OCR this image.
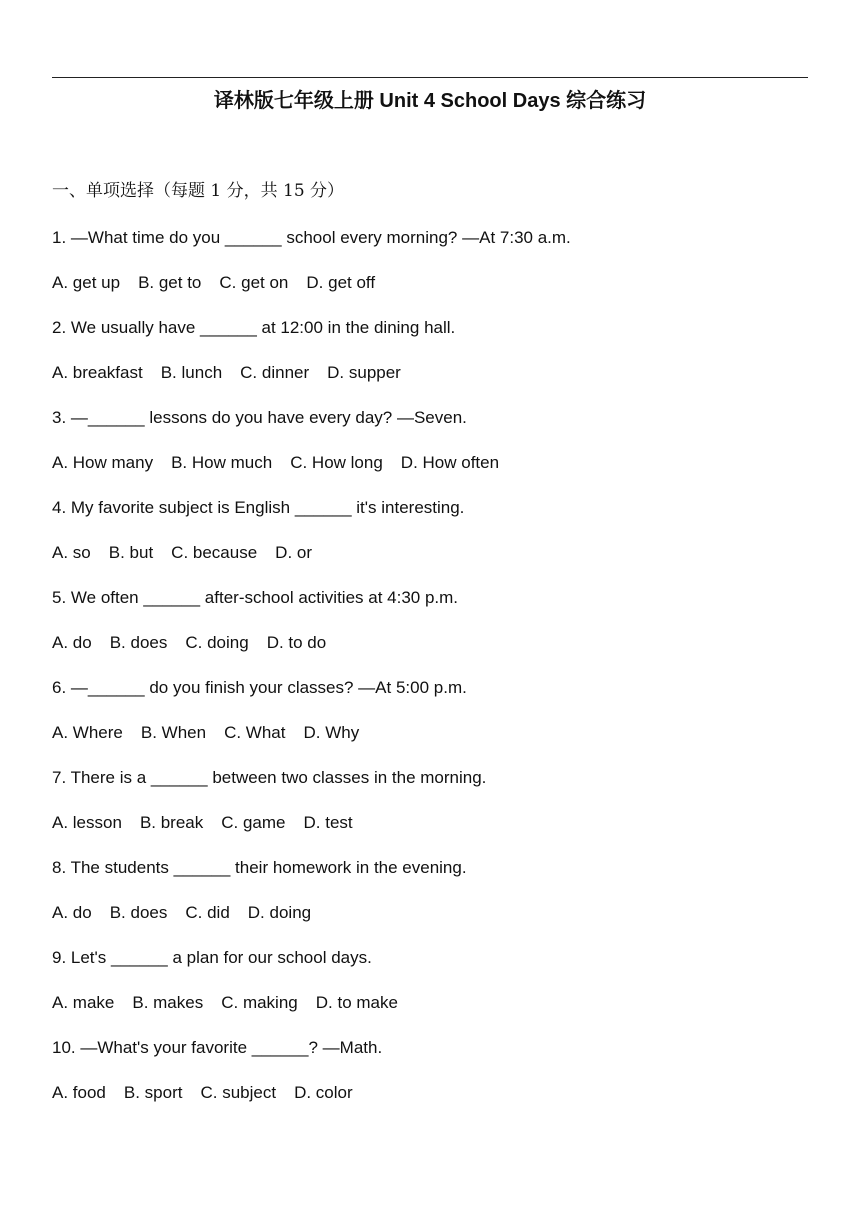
译林版七年级上册 Unit 4 School Days 综合练习
一、单项选择（每题 1 分，共 15 分）
1. —What time do you ______ school every morning? —At 7:30 a.m.
A. get up B. get to C. get on D. get off
2. We usually have ______ at 12:00 in the dining hall.
A. breakfast B. lunch C. dinner D. supper
3. —______ lessons do you have every day? —Seven.
A. How many B. How much C. How long D. How often
4. My favorite subject is English ______ it's interesting.
A. so B. but C. because D. or
5. We often ______ after-school activities at 4:30 p.m.
A. do B. does C. doing D. to do
6. —______ do you finish your classes? —At 5:00 p.m.
A. Where B. When C. What D. Why
7. There is a ______ between two classes in the morning.
A. lesson B. break C. game D. test
8. The students ______ their homework in the evening.
A. do B. does C. did D. doing
9. Let's ______ a plan for our school days.
A. make B. makes C. making D. to make
10. —What's your favorite ______? —Math.
A. food B. sport C. subject D. color
